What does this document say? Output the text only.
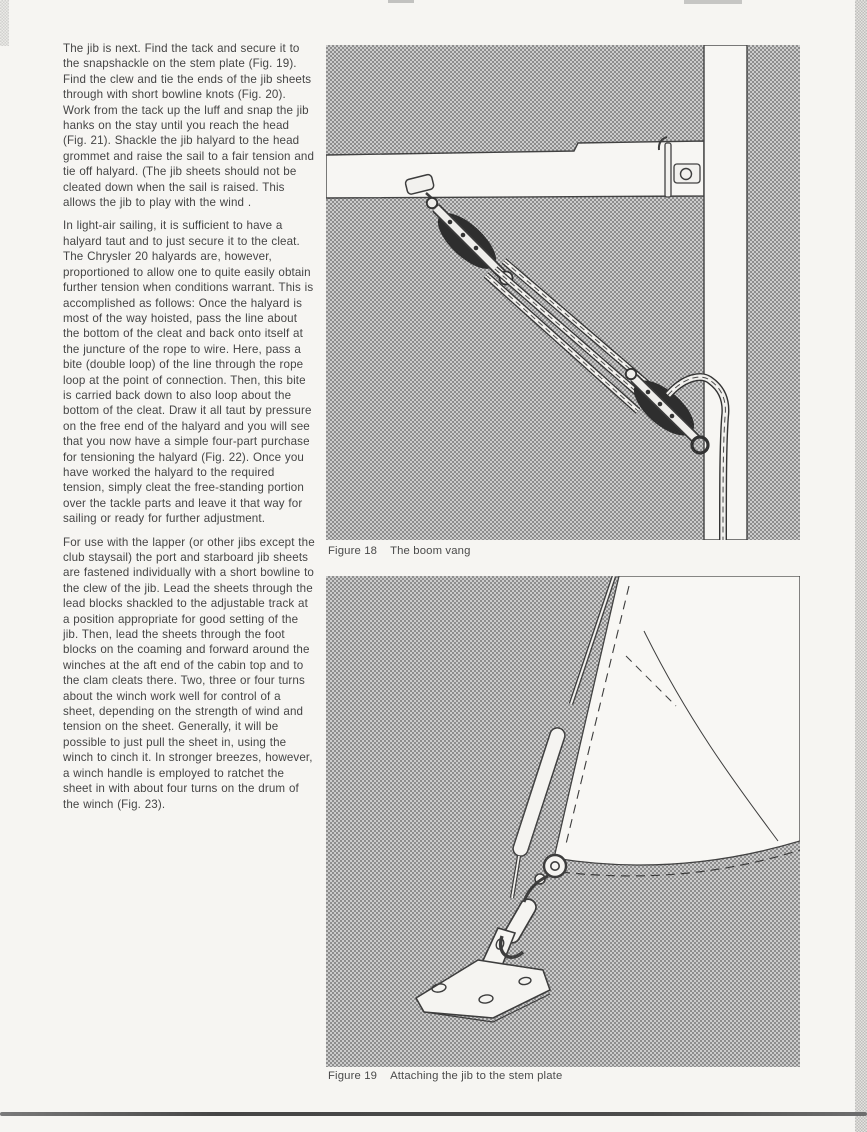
The jib is next. Find the tack and secure it to the snapshackle on the stem plate (Fig. 19). Find the clew and tie the ends of the jib sheets through with short bowline knots (Fig. 20). Work from the tack up the luff and snap the jib hanks on the stay until you reach the head (Fig. 21). Shackle the jib halyard to the head grommet and raise the sail to a fair tension and tie off halyard. (The jib sheets should not be cleated down when the sail is raised. This allows the jib to play with the wind .

In light-air sailing, it is sufficient to have a halyard taut and to just secure it to the cleat. The Chrysler 20 halyards are, however, proportioned to allow one to quite easily obtain further tension when conditions warrant. This is accomplished as follows: Once the halyard is most of the way hoisted, pass the line about the bottom of the cleat and back onto itself at the juncture of the rope to wire. Here, pass a bite (double loop) of the line through the rope loop at the point of connection. Then, this bite is carried back down to also loop about the bottom of the cleat. Draw it all taut by pressure on the free end of the halyard and you will see that you now have a simple four-part purchase for tensioning the halyard (Fig. 22). Once you have worked the halyard to the required tension, simply cleat the free-standing portion over the tackle parts and leave it that way for sailing or ready for further adjustment.

For use with the lapper (or other jibs except the club staysail) the port and starboard jib sheets are fastened individually with a short bowline to the clew of the jib. Lead the sheets through the lead blocks shackled to the adjustable track at a position appropriate for good setting of the jib. Then, lead the sheets through the foot blocks on the coaming and forward around the winches at the aft end of the cabin top and to the clam cleats there. Two, three or four turns about the winch work well for control of a sheet, depending on the strength of wind and tension on the sheet. Generally, it will be possible to just pull the sheet in, using the winch to cinch it. In stronger breezes, however, a winch handle is employed to ratchet the sheet in with about four turns on the drum of the winch (Fig. 23).

Figure 18 The boom vang
Figure 19 Attaching the jib to the stem plate
